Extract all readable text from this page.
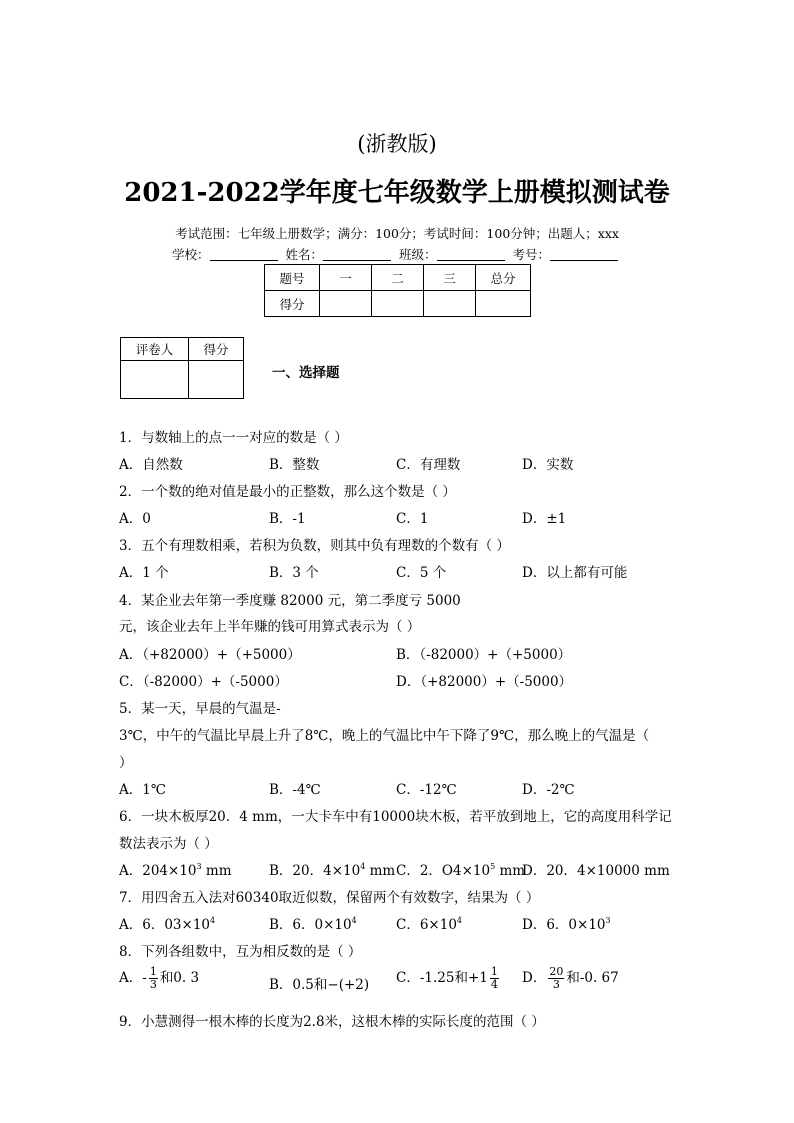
(浙教版)
2021-2022学年度七年级数学上册模拟测试卷
考试范围：七年级上册数学；满分：100分；考试时间：100分钟；出题人；xxx
学校：	姓名：	班级：	考号：
题号	一	二	三	总分
得分				
评卷人	得分

一、选择题
1．与数轴上的点一一对应的数是（ ）
A．自然数	B．整数	C．有理数	D．实数
2．一个数的绝对值是最小的正整数，那么这个数是（ ）
A．0	B．-1	C．1	D．±1
3．五个有理数相乘，若积为负数，则其中负有理数的个数有（ ）
A．1 个	B．3 个	C．5 个	D．以上都有可能
4．某企业去年第一季度赚 82000 元，第二季度亏 5000
元，该企业去年上半年赚的钱可用算式表示为（ ）
A．（+82000）+（+5000）	B．（-82000）+（+5000）
C．（-82000）+（-5000）	D．（+82000）+（-5000）
5．某一天，早晨的气温是-
3℃，中午的气温比早晨上升了8℃，晚上的气温比中午下降了9℃，那么晚上的气温是（
）
A．1℃	B．-4℃	C．-12℃	D．-2℃
6．一块木板厚20．4 mm，一大卡车中有10000块木板，若平放到地上，它的高度用科学记
数法表示为（ ）
A．$204\times 10^3$ mm	B．20．$4\times 10^4$ mm C．2．$O4\times 10^5$ mm
D．20．4×10000 mm
7．用四舍五入法对60340取近似数，保留两个有效数字，结果为（ ）
A．6．$03\times 10^4$	B．6．$0\times 10^4$	C．$6\times 10^4$	D．6．$0\times 10^3$
8．下列各组数中，互为相反数的是（ ）
A．- $\frac{1}{3}$ 和0. 3	B．0.5和−(+2) C．-1.25和$+1 \frac{1}{4}$ D． $\frac{20}{3}$ 和-0. 67
9．小慧测得一根木棒的长度为2.8米，这根木棒的实际长度的范围（ ）
